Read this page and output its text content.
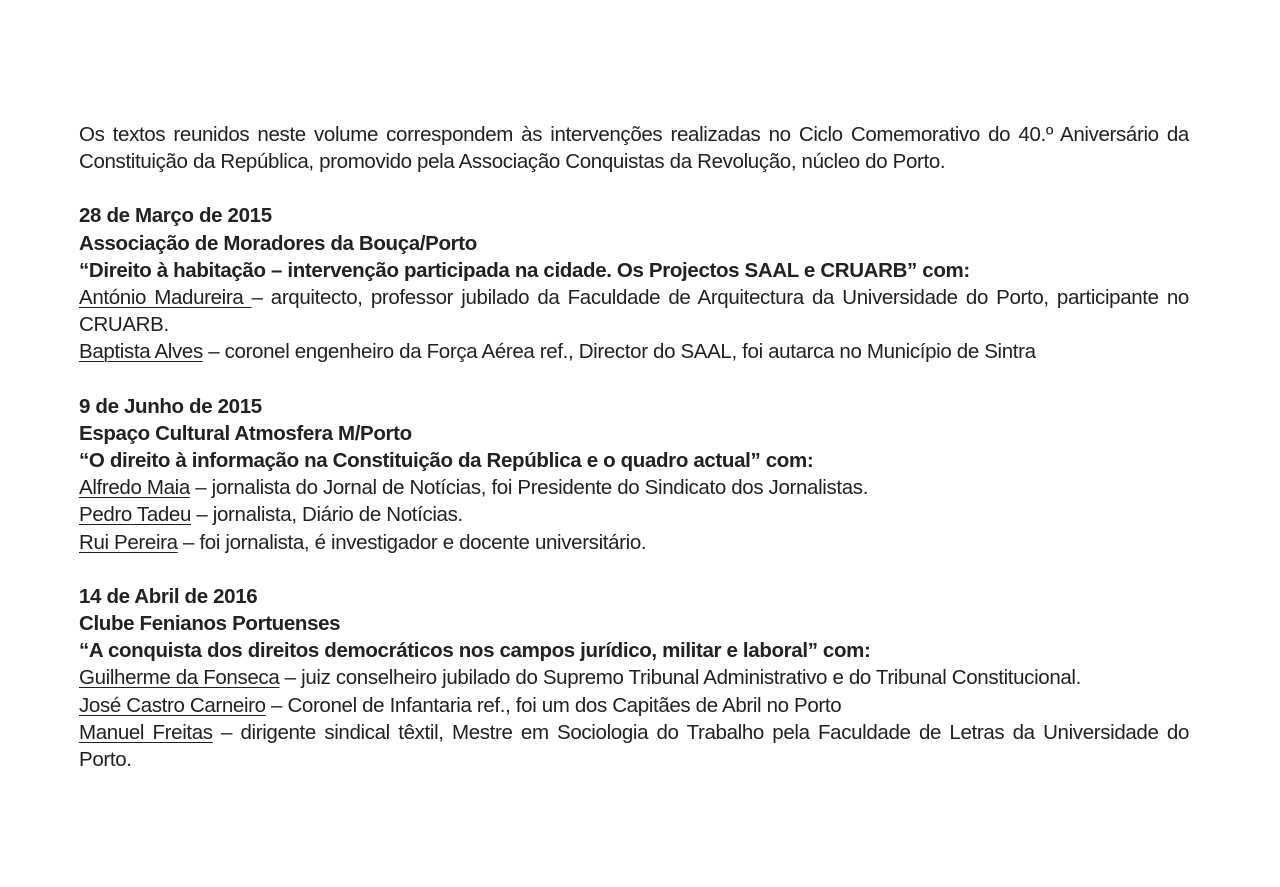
Os textos reunidos neste volume correspondem às intervenções realizadas no Ciclo Comemorativo do 40.º Aniversário da Constituição da República, promovido pela Associação Conquistas da Revolução, núcleo do Porto.

28 de Março de 2015
Associação de Moradores da Bouça/Porto
“Direito à habitação – intervenção participada na cidade. Os Projectos SAAL e CRUARB” com:
António Madureira – arquitecto, professor jubilado da Faculdade de Arquitectura da Universidade do Porto, participante no CRUARB.
Baptista Alves – coronel engenheiro da Força Aérea ref., Director do SAAL, foi autarca no Município de Sintra
9 de Junho de 2015
Espaço Cultural Atmosfera M/Porto
“O direito à informação na Constituição da República e o quadro actual” com:
Alfredo Maia – jornalista do Jornal de Notícias, foi Presidente do Sindicato dos Jornalistas.
Pedro Tadeu – jornalista, Diário de Notícias.
Rui Pereira – foi jornalista, é investigador e docente universitário.
14 de Abril de 2016
Clube Fenianos Portuenses
“A conquista dos direitos democráticos nos campos jurídico, militar e laboral” com:
Guilherme da Fonseca – juiz conselheiro jubilado do Supremo Tribunal Administrativo e do Tribunal Constitucional.
José Castro Carneiro – Coronel de Infantaria ref., foi um dos Capitães de Abril no Porto
Manuel Freitas – dirigente sindical têxtil, Mestre em Sociologia do Trabalho pela Faculdade de Letras da Universidade do Porto.
